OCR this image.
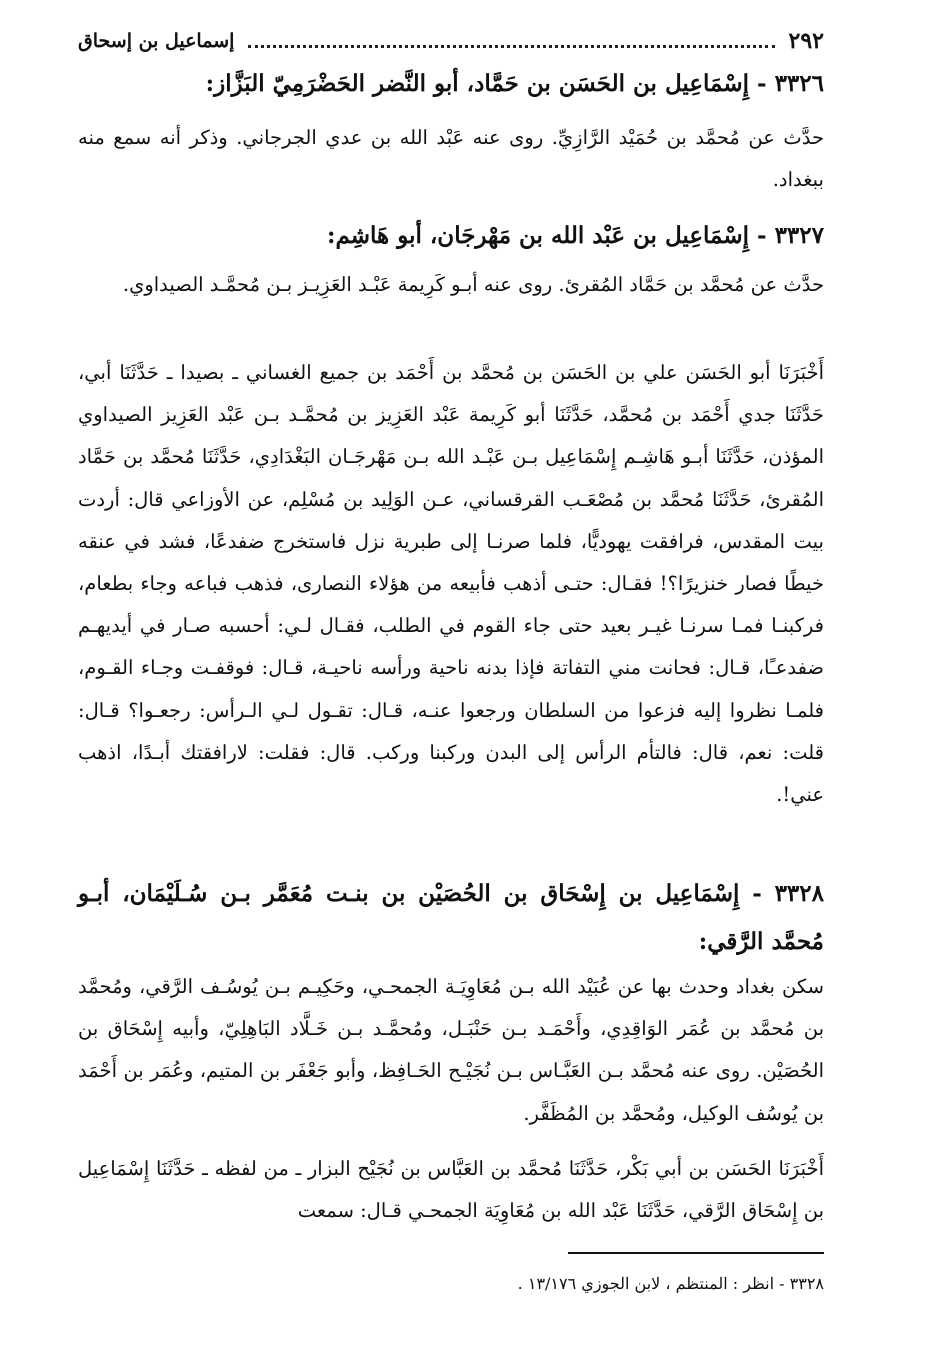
٢٩٢
إسماعيل بن إسحاق
٣٣٢٦ - إِسْمَاعِيل بن الحَسَن بن حَمَّاد، أبو النَّضر الحَضْرَمِيّ البَزَّاز:

حدَّث عن مُحمَّد بن حُمَيْد الرَّازِيِّ. روى عنه عَبْد الله بن عدي الجرجاني. وذكر أنه سمع منه ببغداد.

٣٣٢٧ - إِسْمَاعِيل بن عَبْد الله بن مَهْرجَان، أبو هَاشِم:

حدَّث عن مُحمَّد بن حَمَّاد المُقرئ. روى عنه أبـو كَرِيمة عَبْـد العَزِيـز بـن مُحمَّـد الصيداوي.

أَخْبَرَنَا أبو الحَسَن علي بن الحَسَن بن مُحمَّد بن أَحْمَد بن جميع الغساني ـ بصيدا ـ حَدَّثَنَا أبي، حَدَّثَنَا جدي أَحْمَد بن مُحمَّد، حَدَّثَنَا أبو كَرِيمة عَبْد العَزِيز بن مُحمَّـد بـن عَبْد العَزِيز الصيداوي المؤذن، حَدَّثَنَا أبـو هَاشِـم إِسْمَاعِيل بـن عَبْـد الله بـن مَهْرجَـان البَغْدَادِي، حَدَّثَنَا مُحمَّد بن حَمَّاد المُقرئ، حَدَّثَنَا مُحمَّد بن مُصْعَـب القرقساني، عـن الوَلِيد بن مُسْلِم، عن الأوزاعي قال: أردت بيت المقدس، فرافقت يهوديًّا، فلما صرنـا إلى طبرية نزل فاستخرج ضفدعًا، فشد في عنقه خيطًا فصار خنزيرًا؟! فقـال: حتـى أذهب فأبيعه من هؤلاء النصارى، فذهب فباعه وجاء بطعام، فركبنـا فمـا سرنـا غيـر بعيد حتى جاء القوم في الطلب، فقـال لـي: أحسبه صـار في أيديهـم ضفدعـًا، قـال: فحانت مني التفاتة فإذا بدنه ناحية ورأسه ناحيـة، قـال: فوقفـت وجـاء القـوم، فلمـا نظروا إليه فزعوا من السلطان ورجعوا عنـه، قـال: تقـول لـي الـرأس: رجعـوا؟ قـال: قلت: نعم، قال: فالتأم الرأس إلى البدن وركبنا وركب. قال: فقلت: لارافقتك أبـدًا، اذهب عني!.

٣٣٢٨ - إِسْمَاعِيل بن إِسْحَاق بن الحُصَيْن بن بنـت مُعَمَّر بـن سُـلَيْمَان، أبـو مُحمَّد الرَّقي:

سكن بغداد وحدث بها عن عُبَيْد الله بـن مُعَاوِيَـة الجمحـي، وحَكِيـم بـن يُوسُـف الرَّقي، ومُحمَّد بن مُحمَّد بن عُمَر الوَاقِدِي، وأَحْمَـد بـن حَنْبَـل، ومُحمَّـد بـن خَـلَّاد البَاهِلِيّ، وأبيه إِسْحَاق بن الحُصَيْن. روى عنه مُحمَّد بـن العَبَّـاس بـن نُجَيْـح الحَـافِظ، وأبو جَعْفَر بن المتيم، وعُمَر بن أَحْمَد بن يُوسُف الوكيل، ومُحمَّد بن المُظَفَّر.

أَخْبَرَنَا الحَسَن بن أبي بَكْر، حَدَّثَنَا مُحمَّد بن العَبَّاس بن نُجَيْح البزار ـ من لفظه ـ حَدَّثَنَا إِسْمَاعِيل بن إِسْحَاق الرَّقي، حَدَّثَنَا عَبْد الله بن مُعَاوِيَة الجمحـي قـال: سمعت

٣٣٢٨ - انظر : المنتظم ، لابن الجوزي ١٣/١٧٦ .
